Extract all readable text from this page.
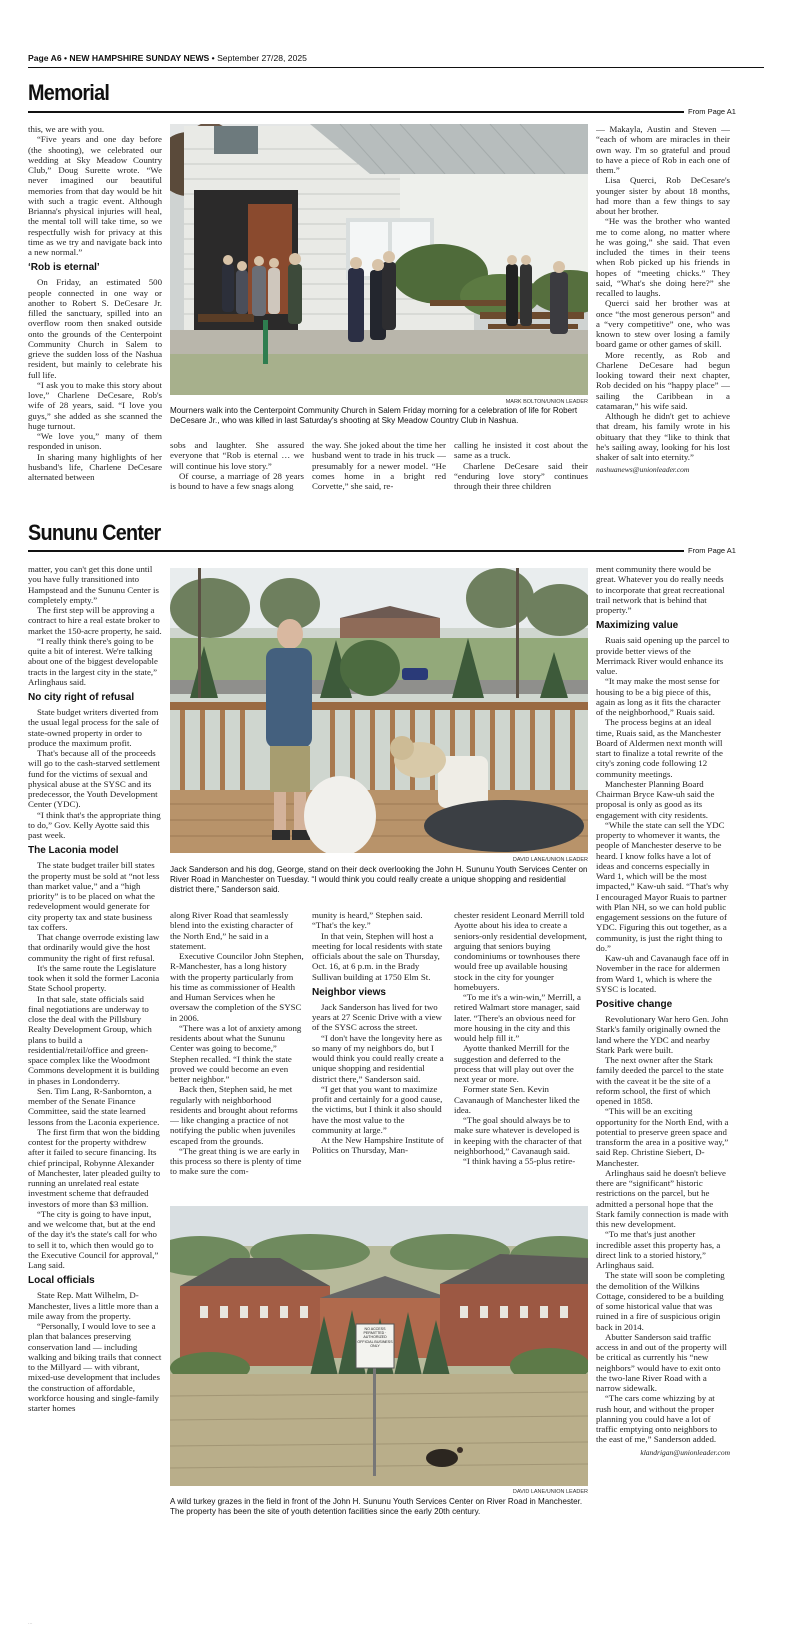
Page A6 • NEW HAMPSHIRE SUNDAY NEWS • September 27/28, 2025
Memorial
From Page A1

this, we are with you.

“Five years and one day before (the shooting), we celebrated our wedding at Sky Meadow Country Club,” Doug Surette wrote. “We never imagined our beautiful memories from that day would be hit with such a tragic event. Although Brianna's physical injuries will heal, the mental toll will take time, so we respectfully wish for privacy at this time as we try and navigate back into a new normal.”

‘Rob is eternal’

On Friday, an estimated 500 people connected in one way or another to Robert S. DeCesare Jr. filled the sanctuary, spilled into an overflow room then snaked outside onto the grounds of the Centerpoint Community Church in Salem to grieve the sudden loss of the Nashua resident, but mainly to celebrate his full life.

“I ask you to make this story about love,” Charlene DeCesare, Rob's wife of 28 years, said. “I love you guys,” she added as she scanned the huge turnout.

“We love you,” many of them responded in unison.

In sharing many highlights of her husband's life, Charlene DeCesare alternated between

MARK BOLTON/UNION LEADER
Mourners walk into the Centerpoint Community Church in Salem Friday morning for a celebration of life for Robert DeCesare Jr., who was killed in last Saturday's shooting at Sky Meadow Country Club in Nashua.

sobs and laughter. She assured everyone that “Rob is eternal … we will continue his love story.”

Of course, a marriage of 28 years is bound to have a few snags along

the way. She joked about the time her husband went to trade in his truck — presumably for a newer model. “He comes home in a bright red Corvette,” she said, re-

calling he insisted it cost about the same as a truck.

Charlene DeCesare said their “enduring love story” continues through their three children

— Makayla, Austin and Steven — “each of whom are miracles in their own way. I'm so grateful and proud to have a piece of Rob in each one of them.”

Lisa Querci, Rob DeCesare's younger sister by about 18 months, had more than a few things to say about her brother.

“He was the brother who wanted me to come along, no matter where he was going,” she said. That even included the times in their teens when Rob picked up his friends in hopes of “meeting chicks.” They said, “What's she doing here?” she recalled to laughs.

Querci said her brother was at once “the most generous person” and a “very competitive” one, who was known to stew over losing a family board game or other games of skill.

More recently, as Rob and Charlene DeCesare had begun looking toward their next chapter, Rob decided on his “happy place” — sailing the Caribbean in a catamaran,” his wife said.

Although he didn't get to achieve that dream, his family wrote in his obituary that they “like to think that he's sailing away, looking for his lost shaker of salt into eternity.”

nashuanews@unionleader.com

Sununu Center
From Page A1

matter, you can't get this done until you have fully transitioned into Hampstead and the Sununu Center is completely empty.”

The first step will be approving a contract to hire a real estate broker to market the 150-acre property, he said.

“I really think there's going to be quite a bit of interest. We're talking about one of the biggest developable tracts in the largest city in the state,” Arlinghaus said.

No city right of refusal

State budget writers diverted from the usual legal process for the sale of state-owned property in order to produce the maximum profit.

That's because all of the proceeds will go to the cash-starved settlement fund for the victims of sexual and physical abuse at the SYSC and its predecessor, the Youth Development Center (YDC).

“I think that's the appropriate thing to do,” Gov. Kelly Ayotte said this past week.

The Laconia model

The state budget trailer bill states the property must be sold at “not less than market value,” and a “high priority” is to be placed on what the redevelopment would generate for city property tax and state business tax coffers.

That change overrode existing law that ordinarily would give the host community the right of first refusal.

It's the same route the Legislature took when it sold the former Laconia State School property.

In that sale, state officials said final negotiations are underway to close the deal with the Pillsbury Realty Development Group, which plans to build a residential/retail/office and green-space complex like the Woodmont Commons development it is building in phases in Londonderry.

Sen. Tim Lang, R-Sanbornton, a member of the Senate Finance Committee, said the state learned lessons from the Laconia experience.

The first firm that won the bidding contest for the property withdrew after it failed to secure financing. Its chief principal, Robynne Alexander of Manchester, later pleaded guilty to running an unrelated real estate investment scheme that defrauded investors of more than $3 million.

“The city is going to have input, and we welcome that, but at the end of the day it's the state's call for who to sell it to, which then would go to the Executive Council for approval,” Lang said.

Local officials

State Rep. Matt Wilhelm, D-Manchester, lives a little more than a mile away from the property.

“Personally, I would love to see a plan that balances preserving conservation land — including walking and biking trails that connect to the Millyard — with vibrant, mixed-use development that includes the construction of affordable, workforce housing and single-family starter homes

DAVID LANE/UNION LEADER
Jack Sanderson and his dog, George, stand on their deck overlooking the John H. Sununu Youth Services Center on River Road in Manchester on Tuesday. “I would think you could really create a unique shopping and residential district there,” Sanderson said.

along River Road that seamlessly blend into the existing character of the North End,” he said in a statement.

Executive Councilor John Stephen, R-Manchester, has a long history with the property particularly from his time as commissioner of Health and Human Services when he oversaw the completion of the SYSC in 2006.

“There was a lot of anxiety among residents about what the Sununu Center was going to become,” Stephen recalled. “I think the state proved we could become an even better neighbor.”

Back then, Stephen said, he met regularly with neighborhood residents and brought about reforms — like changing a practice of not notifying the public when juveniles escaped from the grounds.

“The great thing is we are early in this process so there is plenty of time to make sure the com-

munity is heard,” Stephen said. “That's the key.”

In that vein, Stephen will host a meeting for local residents with state officials about the sale on Thursday, Oct. 16, at 6 p.m. in the Brady Sullivan building at 1750 Elm St.

Neighbor views

Jack Sanderson has lived for two years at 27 Scenic Drive with a view of the SYSC across the street.

“I don't have the longevity here as so many of my neighbors do, but I would think you could really create a unique shopping and residential district there,” Sanderson said.

“I get that you want to maximize profit and certainly for a good cause, the victims, but I think it also should have the most value to the community at large.”

At the New Hampshire Institute of Politics on Thursday, Man-

chester resident Leonard Merrill told Ayotte about his idea to create a seniors-only residential development, arguing that seniors buying condominiums or townhouses there would free up available housing stock in the city for younger homebuyers.

“To me it's a win-win,” Merrill, a retired Walmart store manager, said later. “There's an obvious need for more housing in the city and this would help fill it.”

Ayotte thanked Merrill for the suggestion and deferred to the process that will play out over the next year or more.

Former state Sen. Kevin Cavanaugh of Manchester liked the idea.

“The goal should always be to make sure whatever is developed is in keeping with the character of that neighborhood,” Cavanaugh said.

“I think having a 55-plus retire-

NO ACCESS PERMITTED · AUTHORIZED OFFICIAL BUSINESS ONLY
DAVID LANE/UNION LEADER
A wild turkey grazes in the field in front of the John H. Sununu Youth Services Center on River Road in Manchester. The property has been the site of youth detention facilities since the early 20th century.

ment community there would be great. Whatever you do really needs to incorporate that great recreational trail network that is behind that property.”

Maximizing value

Ruais said opening up the parcel to provide better views of the Merrimack River would enhance its value.

“It may make the most sense for housing to be a big piece of this, again as long as it fits the character of the neighborhood,” Ruais said.

The process begins at an ideal time, Ruais said, as the Manchester Board of Aldermen next month will start to finalize a total rewrite of the city's zoning code following 12 community meetings.

Manchester Planning Board Chairman Bryce Kaw-uh said the proposal is only as good as its engagement with city residents.

“While the state can sell the YDC property to whomever it wants, the people of Manchester deserve to be heard. I know folks have a lot of ideas and concerns especially in Ward 1, which will be the most impacted,” Kaw-uh said. “That's why I encouraged Mayor Ruais to partner with Plan NH, so we can hold public engagement sessions on the future of YDC. Figuring this out together, as a community, is just the right thing to do.”

Kaw-uh and Cavanaugh face off in November in the race for aldermen from Ward 1, which is where the SYSC is located.

Positive change

Revolutionary War hero Gen. John Stark's family originally owned the land where the YDC and nearby Stark Park were built.

The next owner after the Stark family deeded the parcel to the state with the caveat it be the site of a reform school, the first of which opened in 1858.

“This will be an exciting opportunity for the North End, with a potential to preserve green space and transform the area in a positive way,” said Rep. Christine Siebert, D-Manchester.

Arlinghaus said he doesn't believe there are “significant” historic restrictions on the parcel, but he admitted a personal hope that the Stark family connection is made with this new development.

“To me that's just another incredible asset this property has, a direct link to a storied history,” Arlinghaus said.

The state will soon be completing the demolition of the Wilkins Cottage, considered to be a building of some historical value that was ruined in a fire of suspicious origin back in 2014.

Abutter Sanderson said traffic access in and out of the property will be critical as currently his “new neighbors” would have to exit onto the two-lane River Road with a narrow sidewalk.

“The cars come whizzing by at rush hour, and without the proper planning you could have a lot of traffic emptying onto neighbors to the east of me,” Sanderson added.

klandrigan@unionleader.com

...
